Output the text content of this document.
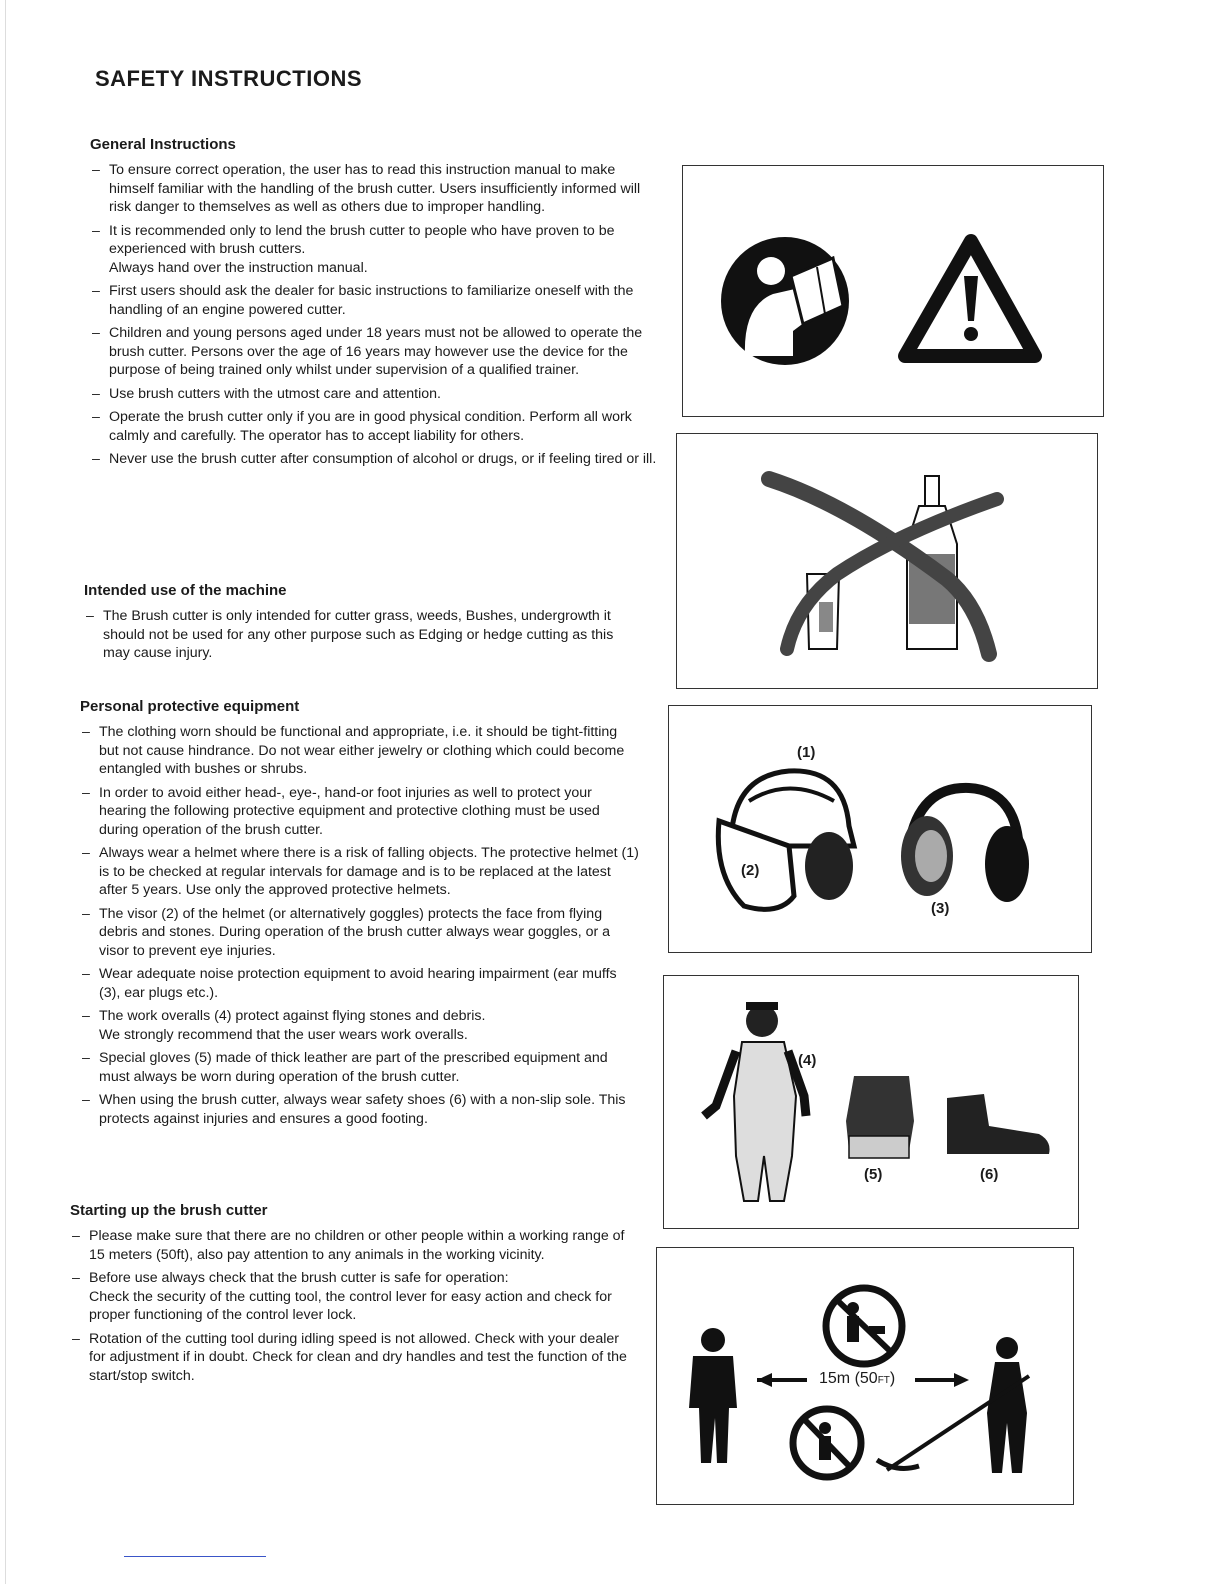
SAFETY INSTRUCTIONS
General Instructions
– To ensure correct operation, the user has to read this instruction manual to make himself familiar with the handling of the brush cutter. Users insufficiently informed will risk danger to themselves as well as others due to improper handling.
– It is recommended only to lend the brush cutter to people who have proven to be experienced with brush cutters.
Always hand over the instruction manual.
– First users should ask the dealer for basic instructions to familiarize oneself with the handling of an engine powered cutter.
– Children and young persons aged under 18 years must not be allowed to operate the brush cutter. Persons over the age of 16 years may however use the device for the purpose of being trained only whilst under supervision of a qualified trainer.
– Use brush cutters with the utmost care and attention.
– Operate the brush cutter only if you are in good physical condition. Perform all work calmly and carefully. The operator has to accept liability for others.
– Never use the brush cutter after consumption of alcohol or drugs, or if feeling tired or ill.
Intended use of the machine
– The Brush cutter is only intended for cutter grass, weeds, Bushes, undergrowth it should not be used for any other purpose such as Edging or hedge cutting as this may cause injury.
Personal protective equipment
– The clothing worn should be functional and appropriate, i.e. it should be tight-fitting but not cause hindrance. Do not wear either jewelry or clothing which could become entangled with bushes or shrubs.
– In order to avoid either head-, eye-, hand-or foot injuries as well to protect your hearing the following protective equipment and protective clothing must be used during operation of the brush cutter.
– Always wear a helmet where there is a risk of falling objects. The protective helmet (1) is to be checked at regular intervals for damage and is to be replaced at the latest after 5 years. Use only the approved protective helmets.
– The visor (2) of the helmet (or alternatively goggles) protects the face from flying debris and stones. During operation of the brush cutter always wear goggles, or a visor to prevent eye injuries.
– Wear adequate noise protection equipment to avoid hearing impairment (ear muffs (3), ear plugs etc.).
– The work overalls (4) protect against flying stones and debris.
We strongly recommend that the user wears work overalls.
– Special gloves (5) made of thick leather are part of the prescribed equipment and must always be worn during operation of the brush cutter.
– When using the brush cutter, always wear safety shoes (6) with a non-slip sole. This protects against injuries and ensures a good footing.
Starting up the brush cutter
– Please make sure that there are no children or other people within a working range of 15 meters (50ft), also pay attention to any animals in the working vicinity.
– Before use always check that the brush cutter is safe for operation:
Check the security of the cutting tool, the control lever for easy action and check for proper functioning of the control lever lock.
– Rotation of the cutting tool during idling speed is not allowed. Check with your dealer for adjustment if in doubt. Check for clean and dry handles and test the function of the start/stop switch.
(1)
(2)
(3)
(4)
(5)	(6)
15m (50FT)
